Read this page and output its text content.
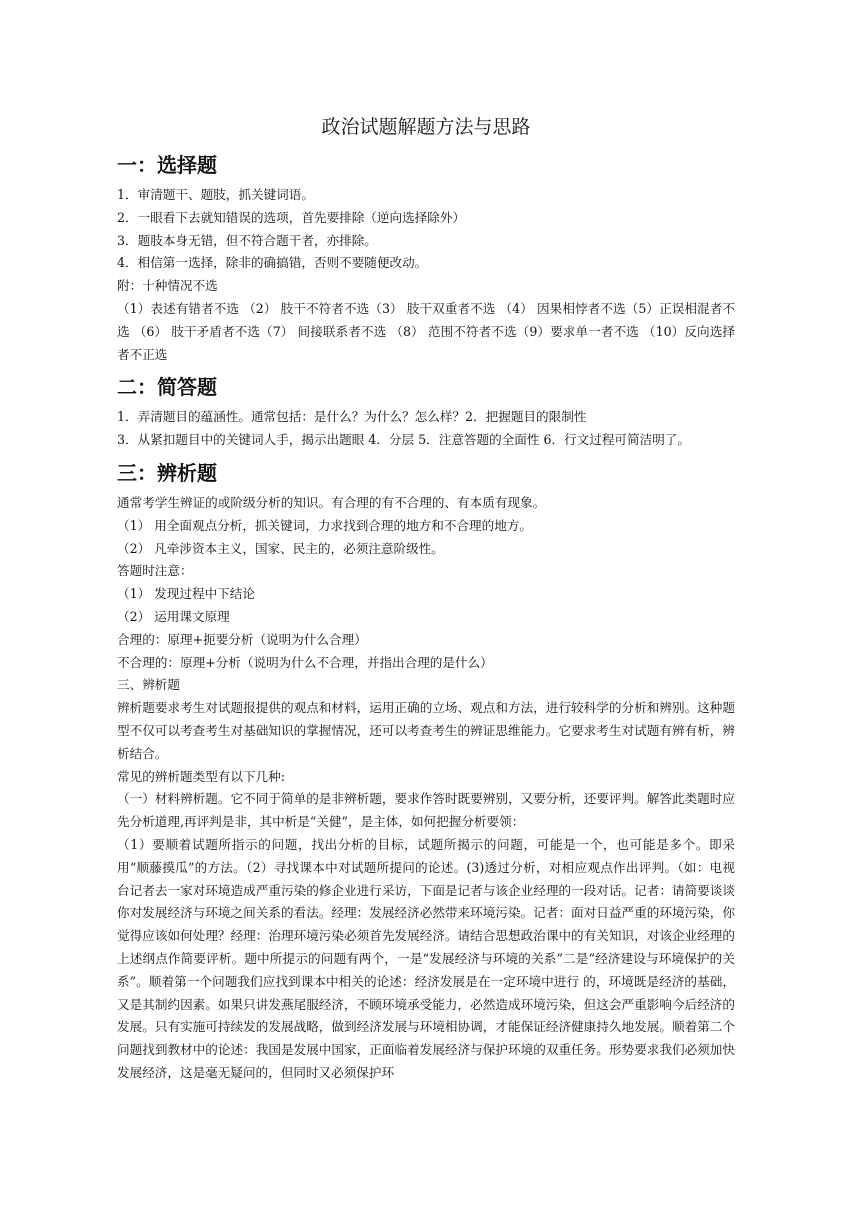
政治试题解题方法与思路
一：选择题

1．审清题干、题肢，抓关键词语。

2．一眼看下去就知错误的选项，首先要排除（逆向选择除外）

3．题肢本身无错，但不符合题干者，亦排除。

4．相信第一选择，除非的确搞错，否则不要随便改动。

附：十种情况不选

（1）表述有错者不选 （2） 肢干不符者不选（3） 肢干双重者不选 （4） 因果相悖者不选（5）正误相混者不选 （6） 肢干矛盾者不选（7） 间接联系者不选 （8） 范围不符者不选（9）要求单一者不选 （10）反向选择者不正选

二：简答题

1．弄清题目的蕴涵性。通常包括：是什么？为什么？怎么样？2．把握题目的限制性

3．从紧扣题目中的关键词人手，揭示出题眼 4．分层 5．注意答题的全面性 6．行文过程可简洁明了。

三：辨析题

通常考学生辨证的或阶级分析的知识。有合理的有不合理的、有本质有现象。

（1） 用全面观点分析，抓关键词，力求找到合理的地方和不合理的地方。

（2） 凡牵涉资本主义，国家、民主的，必须注意阶级性。

答题时注意：

（1） 发现过程中下结论

（2） 运用课文原理

合理的：原理+扼要分析（说明为什么合理）

不合理的：原理+分析（说明为什么不合理，并指出合理的是什么）

三、辨析题

辨析题要求考生对试题报提供的观点和材料，运用正确的立场、观点和方法，进行较科学的分析和辨别。这种题型不仅可以考查考生对基础知识的掌握情况，还可以考查考生的辨证思维能力。它要求考生对试题有辨有析，辨析结合。

常见的辨析题类型有以下几种:

（一）材料辨析题。它不同于简单的是非辨析题，要求作答时既要辨别，又要分析，还要评判。解答此类题时应先分析道理,再评判是非，其中析是“关健”，是主体，如何把握分析要领：

（1）要顺着试题所指示的问题，找出分析的目标，试题所揭示的问题，可能是一个，也可能是多个。即采用“顺藤摸瓜”的方法。（2）寻找课本中对试题所提问的论述。(3)透过分析，对相应观点作出评判。（如：电视台记者去一家对环境造成严重污染的修企业进行采访，下面是记者与该企业经理的一段对话。记者：请简要谈谈你对发展经济与环境之间关系的看法。经理：发展经济必然带来环境污染。记者：面对日益严重的环境污染，你觉得应该如何处理？经理：治理环境污染必须首先发展经济。请结合思想政治课中的有关知识，对该企业经理的上述纲点作简要评析。题中所提示的问题有两个，一是“发展经济与环境的关系”二是“经济建设与环境保护的关系”。顺着第一个问题我们应找到课本中相关的论述：经济发展是在一定环境中进行 的，环境既是经济的基础，又是其制约因素。如果只讲发燕尾服经济，不顾环境承受能力，必然造成环境污染，但这会严重影响今后经济的发展。只有实施可持续发的发展战略，做到经济发展与环境相协调，才能保证经济健康持久地发展。顺着第二个问题找到教材中的论述：我国是发展中国家，正面临着发展经济与保护环境的双重任务。形势要求我们必须加快发展经济，这是毫无疑问的，但同时又必须保护环
